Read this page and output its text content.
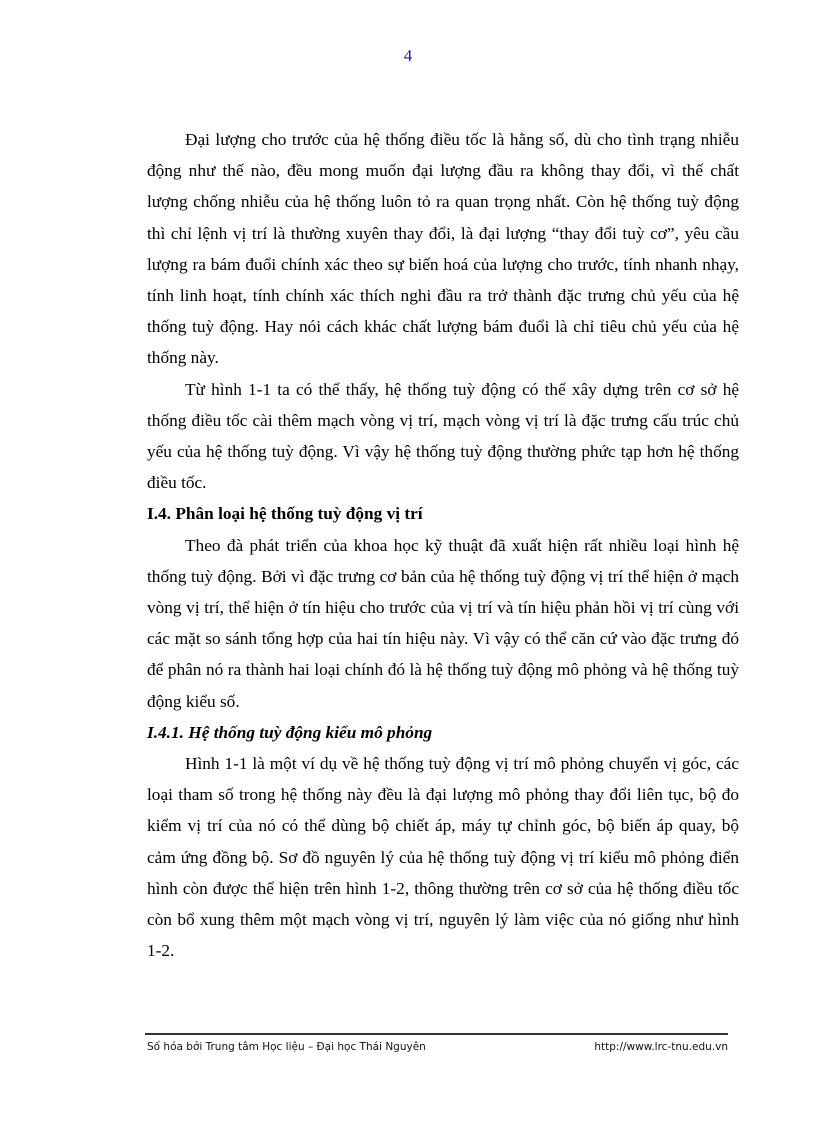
4

Đại lượng cho trước của hệ thống điều tốc là hằng số, dù cho tình trạng nhiễu động như thế nào, đều mong muốn đại lượng đầu ra không thay đổi, vì thế chất lượng chống nhiễu của hệ thống luôn tỏ ra quan trọng nhất. Còn hệ thống tuỳ động thì chỉ lệnh vị trí là thường xuyên thay đổi, là đại lượng “thay đổi tuỳ cơ”, yêu cầu lượng ra bám đuổi chính xác theo sự biến hoá của lượng cho trước, tính nhanh nhạy, tính linh hoạt, tính chính xác thích nghi đầu ra trở thành đặc trưng chủ yếu của hệ thống tuỳ động. Hay nói cách khác chất lượng bám đuổi là chỉ tiêu chủ yếu của hệ thống này.

Từ hình 1-1 ta có thể thấy, hệ thống tuỳ động có thể xây dựng trên cơ sở hệ thống điều tốc cài thêm mạch vòng vị trí, mạch vòng vị trí là đặc trưng cấu trúc chủ yếu của hệ thống tuỳ động. Vì vậy hệ thống tuỳ động thường phức tạp hơn hệ thống điều tốc.

I.4. Phân loại hệ thống tuỳ động vị trí

Theo đà phát triển của khoa học kỹ thuật đã xuất hiện rất nhiều loại hình hệ thống tuỳ động. Bởi vì đặc trưng cơ bản của hệ thống tuỳ động vị trí thể hiện ở mạch vòng vị trí, thể hiện ở tín hiệu cho trước của vị trí và tín hiệu phản hồi vị trí cùng với các mặt so sánh tổng hợp của hai tín hiệu này. Vì vậy có thể căn cứ vào đặc trưng đó để phân nó ra thành hai loại chính đó là hệ thống tuỳ động mô phỏng và hệ thống tuỳ động kiểu số.

I.4.1. Hệ thống tuỳ động kiểu mô phỏng

Hình 1-1 là một ví dụ về hệ thống tuỳ động vị trí mô phỏng chuyển vị góc, các loại tham số trong hệ thống này đều là đại lượng mô phỏng thay đổi liên tục, bộ đo kiểm vị trí của nó có thể dùng bộ chiết áp, máy tự chỉnh góc, bộ biến áp quay, bộ cảm ứng đồng bộ. Sơ đồ nguyên lý của hệ thống tuỳ động vị trí kiểu mô phỏng điển hình còn được thể hiện trên hình 1-2, thông thường trên cơ sở của hệ thống điều tốc còn bổ xung thêm một mạch vòng vị trí, nguyên lý làm việc của nó giống như hình 1-2.

Số hóa bởi Trung tâm Học liệu – Đại học Thái Nguyên	http://www.lrc-tnu.edu.vn
